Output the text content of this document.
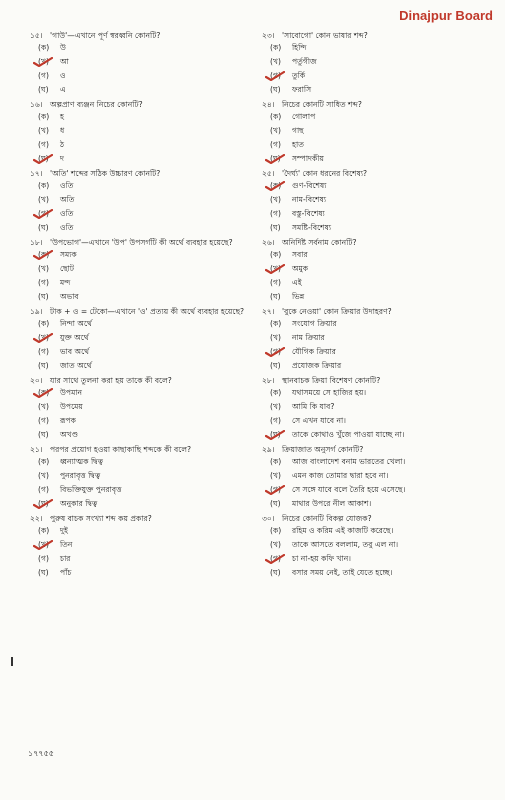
Dinajpur Board
১৫। 'গাউ'—এখানে পূর্ণ স্বরধ্বনি কোনটি?
(ক)	উ
(খ)	আ
(গ)	ও
(ঘ)	এ
১৬। অল্পপ্রাণ ব্যঞ্জন নিচের কোনটি?
(ক)	হ
(খ)	ধ
(গ)	ঠ
(ঘ)	দ
১৭। 'অতি' শব্দের সঠিক উচ্চারণ কোনটি?
(ক)	ওতি
(খ)	অতি
(গ)	ওতি
(ঘ)	ওতি
১৮। 'উপভোগ'—এখানে 'উপ' উপসর্গটি কী অর্থে ব্যবহার হয়েছে?
(ক)	সম্যক
(খ)	ছোট
(গ)	মন্দ
(ঘ)	অভাব
১৯। টাক + ও = টেকো—এখানে 'ও' প্রত্যয় কী অর্থে ব্যবহার হয়েছে?
(ক)	নিন্দা অর্থে
(খ)	যুক্ত অর্থে
(গ)	ভাব অর্থে
(ঘ)	জাত অর্থে
২০। যার সাথে তুলনা করা হয় তাকে কী বলে?
(ক)	উপমান
(খ)	উপমেয়
(গ)	রূপক
(ঘ)	অখণ্ড
২১। পরপর প্রয়োগ হওয়া কাছাকাছি শব্দকে কী বলে?
(ক)	ধ্বন্যাত্মক দ্বিত্ব
(খ)	পুনরাবৃত্ত দ্বিত্ব
(গ)	বিভক্তিযুক্ত পুনরাবৃত্ত
(ঘ)	অনুকার দ্বিত্ব
২২। পুরুষ বাচক সংখ্যা শব্দ কয় প্রকার?
(ক)	দুই
(খ)	তিন
(গ)	চার
(ঘ)	পাঁচ
২৩। 'সাবোগো' কোন ভাষার শব্দ?
(ক)	হিন্দি
(খ)	পর্তুগীজ
(গ)	তুর্কি
(ঘ)	ফরাসি
২৪। নিচের কোনটি সাধিত শব্দ?
(ক)	গোলাপ
(খ)	গাছ
(গ)	হাত
(ঘ)	সম্পাদকীয়
২৫। 'দৈর্ঘ্য' কোন ধরনের বিশেষ্য?
(ক)	গুণ-বিশেষ্য
(খ)	নাম-বিশেষ্য
(গ)	বস্তু-বিশেষ্য
(ঘ)	সমষ্টি-বিশেষ্য
২৬। অনির্দিষ্ট সর্বনাম কোনটি?
(ক)	সবার
(খ)	অমুক
(গ)	এই
(ঘ)	ভিন্ন
২৭। 'বুকে নেওয়া' কোন ক্রিয়ার উদাহরণ?
(ক)	সংযোগ ক্রিয়ার
(খ)	নাম ক্রিয়ার
(গ)	যৌগিক ক্রিয়ার
(ঘ)	প্রযোজক ক্রিয়ার
২৮। স্থানবাচক ক্রিয়া বিশেষণ কোনটি?
(ক)	যথাসময়ে সে হাজির হয়।
(খ)	আমি কি যাব?
(গ)	সে এখন যাবে না।
(ঘ)	তাকে কোথাও খুঁজে পাওয়া যাচ্ছে না।
২৯। ক্রিয়াজাত অনুসর্গ কোনটি?
(ক)	আজ বাংলাদেশ বনাম ভারতের খেলা।
(খ)	এমন কাজ তোমার দ্বারা হবে না।
(গ)	সে সঙ্গে যাবে বলে তৈরি হয়ে এসেছে।
(ঘ)	মাথার উপরে নীল আকাশ।
৩০। নিচের কোনটি বিকল্প যোজক?
(ক)	রহিম ও করিম এই কাজটি করেছে।
(খ)	তাকে আসতে বললাম, তবু এল না।
(গ)	চা না-হয় কফি খান।
(ঘ)	বসার সময় নেই, তাই যেতে হচ্ছে।
১৭৭৫৫
